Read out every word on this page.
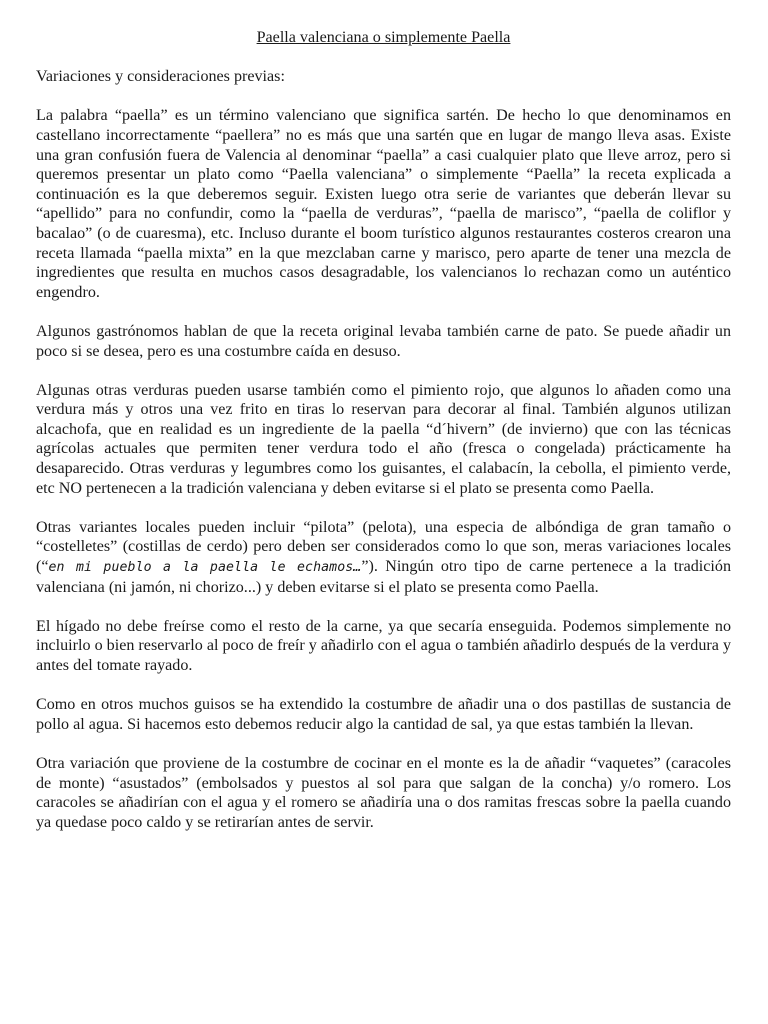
Paella valenciana o simplemente Paella
Variaciones y consideraciones previas:

La palabra “paella” es un término valenciano que significa sartén. De hecho lo que denominamos en castellano incorrectamente “paellera” no es más que una sartén que en lugar de mango lleva asas. Existe una gran confusión fuera de Valencia al denominar “paella” a casi cualquier plato que lleve arroz, pero si queremos presentar un plato como “Paella valenciana” o simplemente “Paella” la receta explicada a continuación es la que deberemos seguir. Existen luego otra serie de variantes que deberán llevar su “apellido” para no confundir, como la “paella de verduras”, “paella de marisco”, “paella de coliflor y bacalao” (o de cuaresma), etc. Incluso durante el boom turístico algunos restaurantes costeros crearon una receta llamada “paella mixta” en la que mezclaban carne y marisco, pero aparte de tener una mezcla de ingredientes que resulta en muchos casos desagradable, los valencianos lo rechazan como un auténtico engendro.

Algunos gastrónomos hablan de que la receta original levaba también carne de pato. Se puede añadir un poco si se desea, pero es una costumbre caída en desuso.

Algunas otras verduras pueden usarse también como el pimiento rojo, que algunos lo añaden como una verdura más y otros una vez frito en tiras lo reservan para decorar al final. También algunos utilizan alcachofa, que en realidad es un ingrediente de la paella “d´hivern” (de invierno) que con las técnicas agrícolas actuales que permiten tener verdura todo el año (fresca o congelada) prácticamente ha desaparecido. Otras verduras y legumbres como los guisantes, el calabacín, la cebolla, el pimiento verde, etc NO pertenecen a la tradición valenciana y deben evitarse si el plato se presenta como Paella.

Otras variantes locales pueden incluir “pilota” (pelota), una especia de albóndiga de gran tamaño o “costelletes” (costillas de cerdo) pero deben ser considerados como lo que son, meras variaciones locales (“en mi pueblo a la paella le echamos…”). Ningún otro tipo de carne pertenece a la tradición valenciana (ni jamón, ni chorizo...) y deben evitarse si el plato se presenta como Paella.

El hígado no debe freírse como el resto de la carne, ya que secaría enseguida. Podemos simplemente no incluirlo o bien reservarlo al poco de freír y añadirlo con el agua o también añadirlo después de la verdura y antes del tomate rayado.

Como en otros muchos guisos se ha extendido la costumbre de añadir una o dos pastillas de sustancia de pollo al agua. Si hacemos esto debemos reducir algo la cantidad de sal, ya que estas también la llevan.

Otra variación que proviene de la costumbre de cocinar en el monte es la de añadir “vaquetes” (caracoles de monte) “asustados” (embolsados y puestos al sol para que salgan de la concha) y/o romero. Los caracoles se añadirían con el agua y el romero se añadiría una o dos ramitas frescas sobre la paella cuando ya quedase poco caldo y se retirarían antes de servir.
